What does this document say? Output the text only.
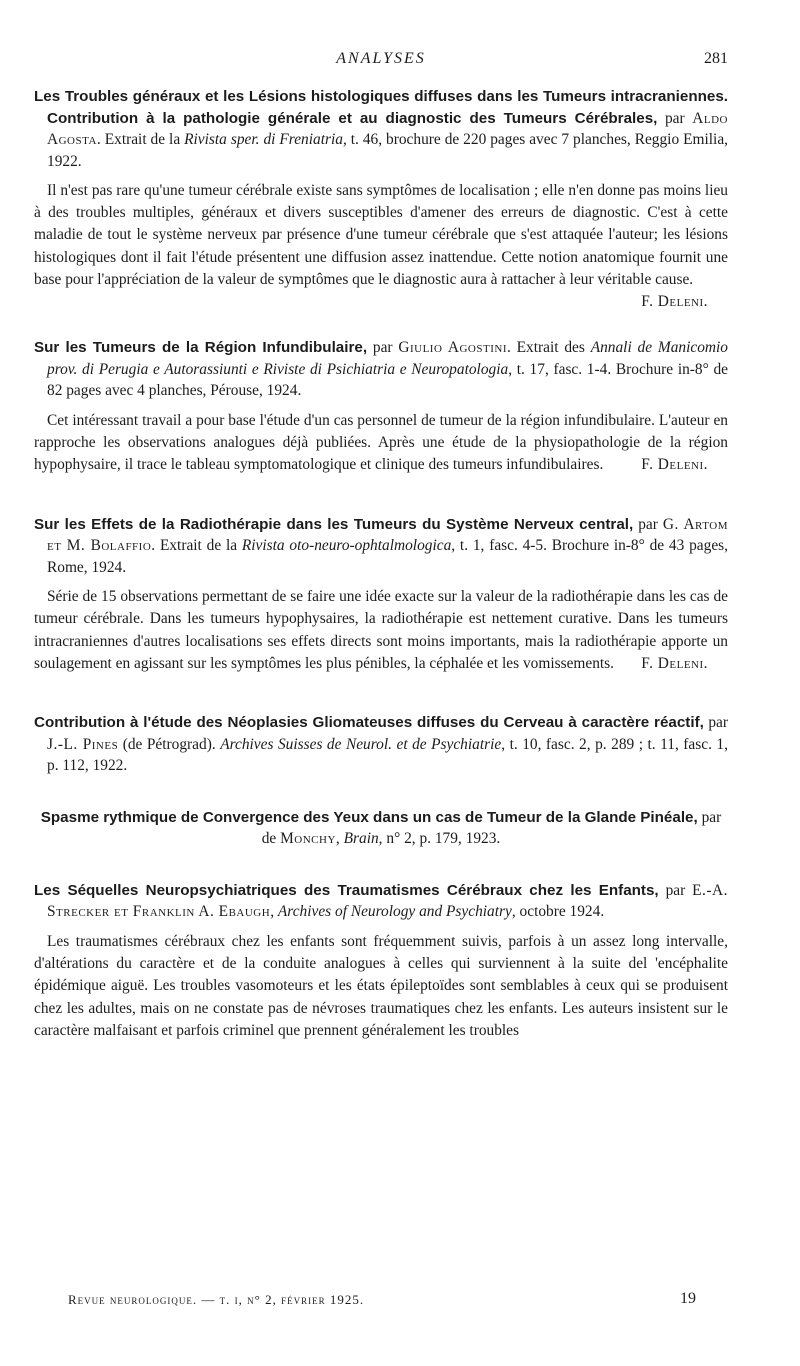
ANALYSES	281

Les Troubles généraux et les Lésions histologiques diffuses dans les Tumeurs intracraniennes. Contribution à la pathologie générale et au diagnostic des Tumeurs Cérébrales, par Aldo Agosta. Extrait de la Rivista sper. di Freniatria, t. 46, brochure de 220 pages avec 7 planches, Reggio Emilia, 1922.

Il n'est pas rare qu'une tumeur cérébrale existe sans symptômes de localisation ; elle n'en donne pas moins lieu à des troubles multiples, généraux et divers susceptibles d'amener des erreurs de diagnostic. C'est à cette maladie de tout le système nerveux par présence d'une tumeur cérébrale que s'est attaquée l'auteur; les lésions histologiques dont il fait l'étude présentent une diffusion assez inattendue. Cette notion anatomique fournit une base pour l'appréciation de la valeur de symptômes que le diagnostic aura à rattacher à leur véritable cause.
F. Deleni.

Sur les Tumeurs de la Région Infundibulaire, par Giulio Agostini. Extrait des Annali de Manicomio prov. di Perugia e Autorassiunti e Riviste di Psichiatria e Neuropatologia, t. 17, fasc. 1-4. Brochure in-8° de 82 pages avec 4 planches, Pérouse, 1924.

Cet intéressant travail a pour base l'étude d'un cas personnel de tumeur de la région infundibulaire. L'auteur en rapproche les observations analogues déjà publiées. Après une étude de la physiopathologie de la région hypophysaire, il trace le tableau symptomatologique et clinique des tumeurs infundibulaires.	F. Deleni.

Sur les Effets de la Radiothérapie dans les Tumeurs du Système Nerveux central, par G. Artom et M. Bolaffio. Extrait de la Rivista oto-neuro-ophtalmologica, t. 1, fasc. 4-5. Brochure in-8° de 43 pages, Rome, 1924.

Série de 15 observations permettant de se faire une idée exacte sur la valeur de la radiothérapie dans les cas de tumeur cérébrale. Dans les tumeurs hypophysaires, la radiothérapie est nettement curative. Dans les tumeurs intracraniennes d'autres localisations ses effets directs sont moins importants, mais la radiothérapie apporte un soulagement en agissant sur les symptômes les plus pénibles, la céphalée et les vomissements.	F. Deleni.

Contribution à l'étude des Néoplasies Gliomateuses diffuses du Cerveau à caractère réactif, par J.-L. Pines (de Pétrograd). Archives Suisses de Neurol. et de Psychiatrie, t. 10, fasc. 2, p. 289 ; t. 11, fasc. 1, p. 112, 1922.

Spasme rythmique de Convergence des Yeux dans un cas de Tumeur de la Glande Pinéale, par de Monchy, Brain, n° 2, p. 179, 1923.

Les Séquelles Neuropsychiatriques des Traumatismes Cérébraux chez les Enfants, par E.-A. Strecker et Franklin A. Ebaugh, Archives of Neurology and Psychiatry, octobre 1924.

Les traumatismes cérébraux chez les enfants sont fréquemment suivis, parfois à un assez long intervalle, d'altérations du caractère et de la conduite analogues à celles qui surviennent à la suite del 'encéphalite épidémique aiguë. Les troubles vasomoteurs et les états épileptoïdes sont semblables à ceux qui se produisent chez les adultes, mais on ne constate pas de névroses traumatiques chez les enfants. Les auteurs insistent sur le caractère malfaisant et parfois criminel que prennent généralement les troubles

Revue neurologique. — t. i, n° 2, février 1925.	19
